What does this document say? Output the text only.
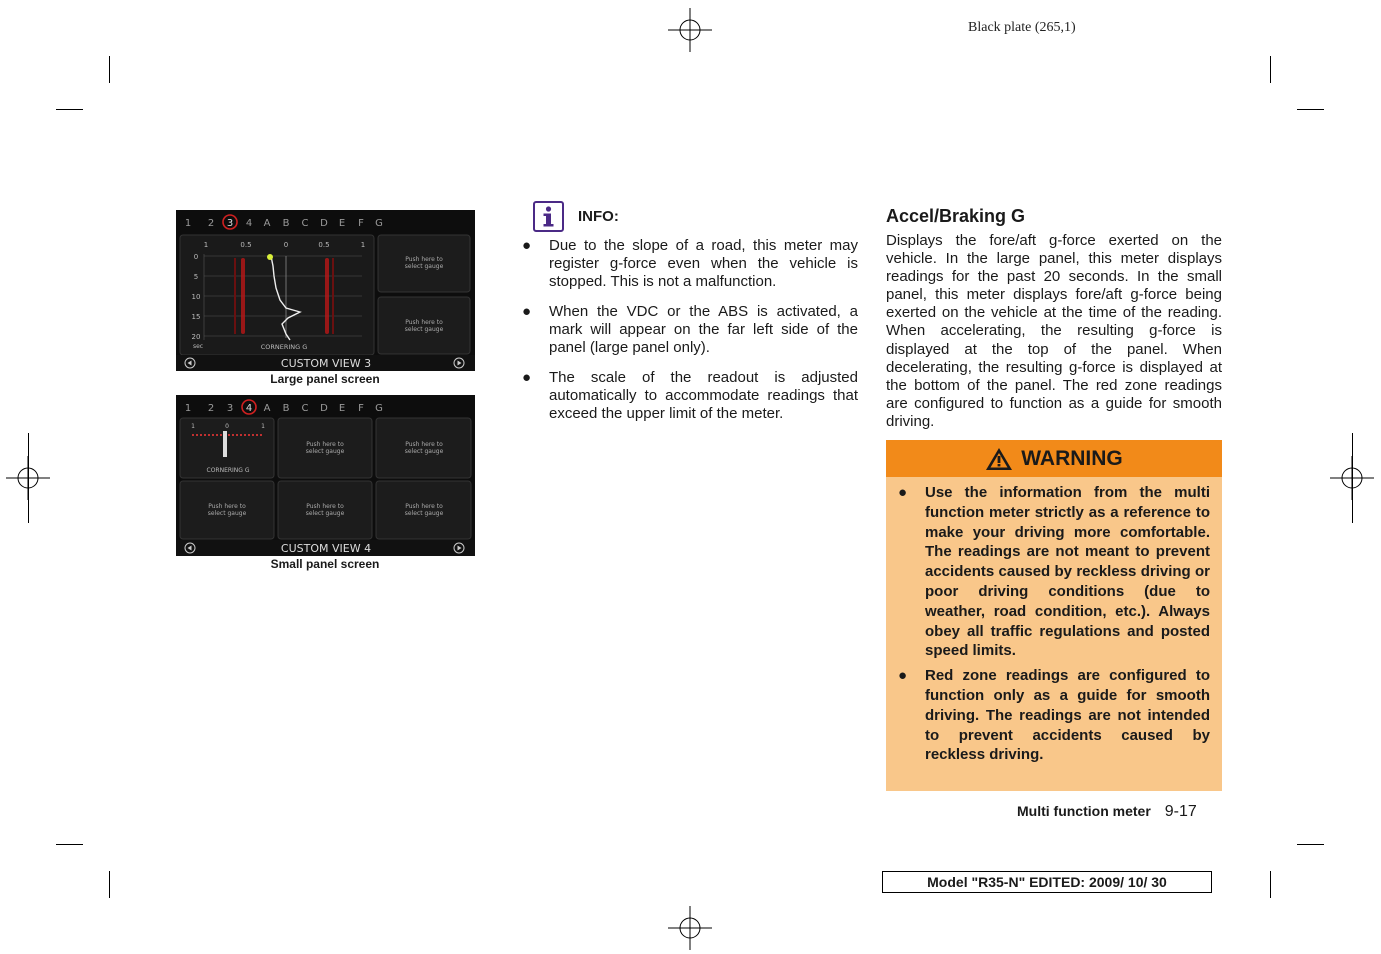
Black plate (265,1)
1 2 3 4 A B C D E F G
1	0.5	0	0.5	1
0
5
10
15
20
sec	CORNERING G
Push here to
select gauge
Push here to
select gauge
CUSTOM VIEW 3
Large panel screen
1 2 3 4 A B C D E F G
1	0	1
CORNERING G
Push here to
select gauge
Push here to
select gauge
Push here to
select gauge
Push here to
select gauge
Push here to
select gauge
CUSTOM VIEW 4
Small panel screen
INFO:
● Due to the slope of a road, this meter may register g-force even when the vehicle is stopped. This is not a malfunction.
● When the VDC or the ABS is activated, a mark will appear on the far left side of the panel (large panel only).
● The scale of the readout is adjusted automatically to accommodate readings that exceed the upper limit of the meter.
Accel/Braking G

Displays the fore/aft g-force exerted on the vehicle. In the large panel, this meter displays readings for the past 20 seconds. In the small panel, this meter displays fore/aft g-force being exerted on the vehicle at the time of the reading. When accelerating, the resulting g-force is displayed at the top of the panel. When decelerating, the resulting g-force is displayed at the bottom of the panel. The red zone readings are configured to function as a guide for smooth driving.

WARNING
● Use the information from the multi function meter strictly as a reference to make your driving more comfortable. The readings are not meant to prevent accidents caused by reckless driving or poor driving conditions (due to weather, road condition, etc.). Always obey all traffic regulations and posted speed limits.
● Red zone readings are configured to function only as a guide for smooth driving. The readings are not intended to prevent accidents caused by reckless driving.
Multi function meter 9-17
Model "R35-N" EDITED: 2009/ 10/ 30
